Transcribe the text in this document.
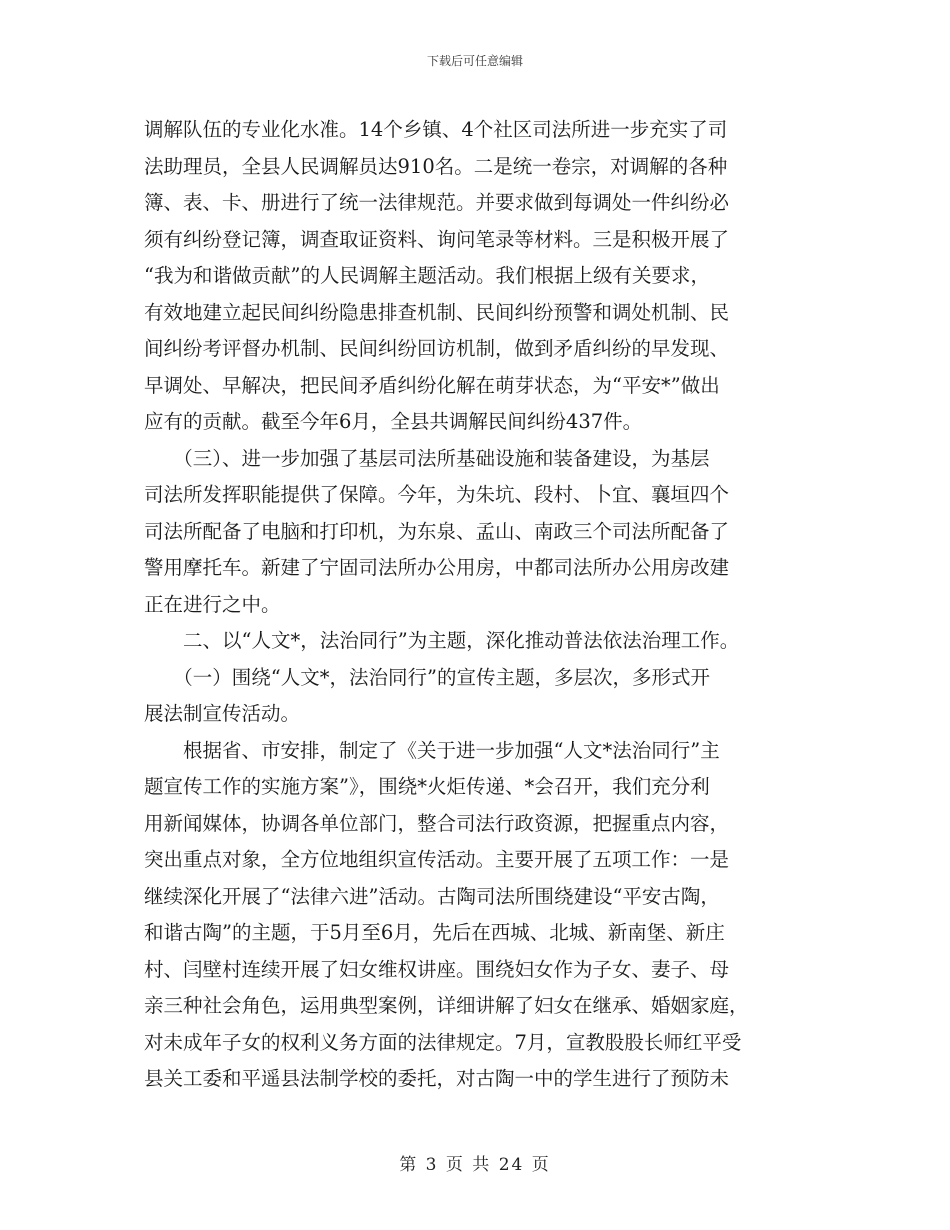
下载后可任意编辑
调解队伍的专业化水准。14个乡镇、4个社区司法所进一步充实了司
法助理员，全县人民调解员达910名。二是统一卷宗，对调解的各种
簿、表、卡、册进行了统一法律规范。并要求做到每调处一件纠纷必
须有纠纷登记簿，调查取证资料、询问笔录等材料。三是积极开展了
“我为和谐做贡献”的人民调解主题活动。我们根据上级有关要求，
有效地建立起民间纠纷隐患排查机制、民间纠纷预警和调处机制、民
间纠纷考评督办机制、民间纠纷回访机制，做到矛盾纠纷的早发现、
早调处、早解决，把民间矛盾纠纷化解在萌芽状态，为“平安*”做出
应有的贡献。截至今年6月，全县共调解民间纠纷437件。
　　（三）、进一步加强了基层司法所基础设施和装备建设，为基层
司法所发挥职能提供了保障。今年，为朱坑、段村、卜宜、襄垣四个
司法所配备了电脑和打印机，为东泉、孟山、南政三个司法所配备了
警用摩托车。新建了宁固司法所办公用房，中都司法所办公用房改建
正在进行之中。
　　二、以“人文*，法治同行”为主题，深化推动普法依法治理工作。
　　（一）围绕“人文*，法治同行”的宣传主题，多层次，多形式开
展法制宣传活动。
　　根据省、市安排，制定了《关于进一步加强“人文*法治同行”主
题宣传工作的实施方案”》，围绕*火炬传递、*会召开，我们充分利
用新闻媒体，协调各单位部门，整合司法行政资源，把握重点内容，
突出重点对象，全方位地组织宣传活动。主要开展了五项工作：一是
继续深化开展了“法律六进”活动。古陶司法所围绕建设“平安古陶，
和谐古陶”的主题，于5月至6月，先后在西城、北城、新南堡、新庄
村、闫壁村连续开展了妇女维权讲座。围绕妇女作为子女、妻子、母
亲三种社会角色，运用典型案例，详细讲解了妇女在继承、婚姻家庭，
对未成年子女的权利义务方面的法律规定。7月，宣教股股长师红平受
县关工委和平遥县法制学校的委托，对古陶一中的学生进行了预防未
第 3 页 共 24 页
